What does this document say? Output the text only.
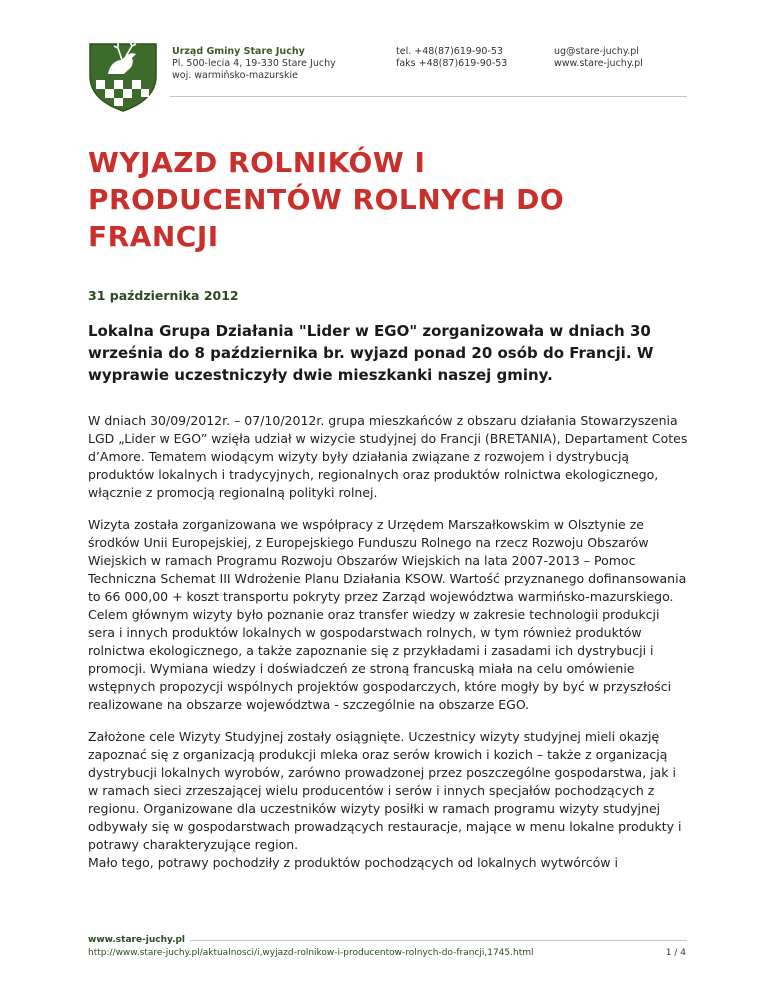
Urząd Gminy Stare Juchy
Pl. 500-lecia 4, 19-330 Stare Juchy
woj. warmińsko-mazurskie
tel. +48(87)619-90-53
faks +48(87)619-90-53
ug@stare-juchy.pl
www.stare-juchy.pl
WYJAZD ROLNIKÓW I PRODUCENTÓW ROLNYCH DO FRANCJI
31 października 2012

Lokalna Grupa Działania "Lider w EGO" zorganizowała w dniach 30 września do 8 października br. wyjazd ponad 20 osób do Francji. W wyprawie uczestniczyły dwie mieszkanki naszej gminy.

W dniach 30/09/2012r. – 07/10/2012r. grupa mieszkańców z obszaru działania Stowarzyszenia LGD „Lider w EGO” wzięła udział w wizycie studyjnej do Francji (BRETANIA), Departament Cotes d’Amore. Tematem wiodącym wizyty były działania związane z rozwojem i dystrybucją produktów lokalnych i tradycyjnych, regionalnych oraz produktów rolnictwa ekologicznego, włącznie z promocją regionalną polityki rolnej.

Wizyta została zorganizowana we współpracy z Urzędem Marszałkowskim w Olsztynie ze środków Unii Europejskiej, z Europejskiego Funduszu Rolnego na rzecz Rozwoju Obszarów Wiejskich w ramach Programu Rozwoju Obszarów Wiejskich na lata 2007-2013 – Pomoc Techniczna Schemat III Wdrożenie Planu Działania KSOW. Wartość przyznanego dofinansowania to 66 000,00 + koszt transportu pokryty przez Zarząd województwa warmińsko-mazurskiego.
Celem głównym wizyty było poznanie oraz transfer wiedzy w zakresie technologii produkcji sera i innych produktów lokalnych w gospodarstwach rolnych, w tym również produktów rolnictwa ekologicznego, a także zapoznanie się z przykładami i zasadami ich dystrybucji i promocji. Wymiana wiedzy i doświadczeń ze stroną francuską miała na celu omówienie wstępnych propozycji wspólnych projektów gospodarczych, które mogły by być w przyszłości realizowane na obszarze województwa - szczególnie na obszarze EGO.

Założone cele Wizyty Studyjnej zostały osiągnięte. Uczestnicy wizyty studyjnej mieli okazję zapoznać się z organizacją produkcji mleka oraz serów krowich i kozich – także z organizacją dystrybucji lokalnych wyrobów, zarówno prowadzonej przez poszczególne gospodarstwa, jak i w ramach sieci zrzeszającej wielu producentów i serów i innych specjałów pochodzących z regionu. Organizowane dla uczestników wizyty posiłki w ramach programu wizyty studyjnej odbywały się w gospodarstwach prowadzących restauracje, mające w menu lokalne produkty i potrawy charakteryzujące region.
Mało tego, potrawy pochodziły z produktów pochodzących od lokalnych wytwórców i

www.stare-juchy.pl
http://www.stare-juchy.pl/aktualnosci/i,wyjazd-rolnikow-i-producentow-rolnych-do-francji,1745.html	1 / 4
